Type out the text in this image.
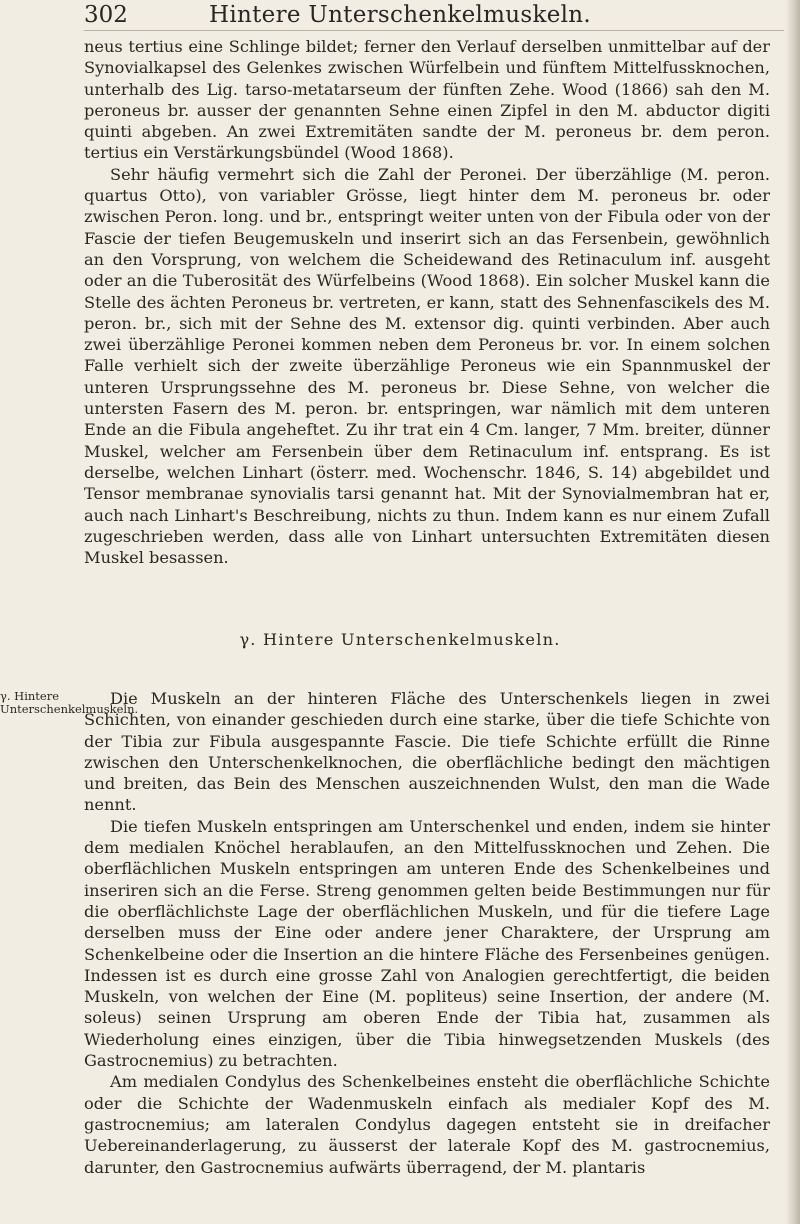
302	Hintere Unterschenkelmuskeln.

neus tertius eine Schlinge bildet; ferner den Verlauf derselben unmittelbar auf der Synovialkapsel des Gelenkes zwischen Würfelbein und fünftem Mittelfussknochen, unterhalb des Lig. tarso-metatarseum der fünften Zehe. Wood (1866) sah den M. peroneus br. ausser der genannten Sehne einen Zipfel in den M. abductor digiti quinti abgeben. An zwei Extremitäten sandte der M. peroneus br. dem peron. tertius ein Verstärkungsbündel (Wood 1868).

Sehr häufig vermehrt sich die Zahl der Peronei. Der überzählige (M. peron. quartus Otto), von variabler Grösse, liegt hinter dem M. peroneus br. oder zwischen Peron. long. und br., entspringt weiter unten von der Fibula oder von der Fascie der tiefen Beugemuskeln und inserirt sich an das Fersenbein, gewöhnlich an den Vorsprung, von welchem die Scheidewand des Retinaculum inf. ausgeht oder an die Tuberosität des Würfelbeins (Wood 1868). Ein solcher Muskel kann die Stelle des ächten Peroneus br. vertreten, er kann, statt des Sehnenfascikels des M. peron. br., sich mit der Sehne des M. extensor dig. quinti verbinden. Aber auch zwei überzählige Peronei kommen neben dem Peroneus br. vor. In einem solchen Falle verhielt sich der zweite überzählige Peroneus wie ein Spannmuskel der unteren Ursprungssehne des M. peroneus br. Diese Sehne, von welcher die untersten Fasern des M. peron. br. entspringen, war nämlich mit dem unteren Ende an die Fibula angeheftet. Zu ihr trat ein 4 Cm. langer, 7 Mm. breiter, dünner Muskel, welcher am Fersenbein über dem Retinaculum inf. entsprang. Es ist derselbe, welchen Linhart (österr. med. Wochenschr. 1846, S. 14) abgebildet und Tensor membranae synovialis tarsi genannt hat. Mit der Synovialmembran hat er, auch nach Linhart's Beschreibung, nichts zu thun. Indem kann es nur einem Zufall zugeschrieben werden, dass alle von Linhart untersuchten Extremitäten diesen Muskel besassen.

γ. Hintere Unterschenkelmuskeln.
γ. Hintere Unterschenkelmuskeln.

Die Muskeln an der hinteren Fläche des Unterschenkels liegen in zwei Schichten, von einander geschieden durch eine starke, über die tiefe Schichte von der Tibia zur Fibula ausgespannte Fascie. Die tiefe Schichte erfüllt die Rinne zwischen den Unterschenkelknochen, die oberflächliche bedingt den mächtigen und breiten, das Bein des Menschen auszeichnenden Wulst, den man die Wade nennt.

Die tiefen Muskeln entspringen am Unterschenkel und enden, indem sie hinter dem medialen Knöchel herablaufen, an den Mittelfussknochen und Zehen. Die oberflächlichen Muskeln entspringen am unteren Ende des Schenkelbeines und inseriren sich an die Ferse. Streng genommen gelten beide Bestimmungen nur für die oberflächlichste Lage der oberflächlichen Muskeln, und für die tiefere Lage derselben muss der Eine oder andere jener Charaktere, der Ursprung am Schenkelbeine oder die Insertion an die hintere Fläche des Fersenbeines genügen. Indessen ist es durch eine grosse Zahl von Analogien gerechtfertigt, die beiden Muskeln, von welchen der Eine (M. popliteus) seine Insertion, der andere (M. soleus) seinen Ursprung am oberen Ende der Tibia hat, zusammen als Wiederholung eines einzigen, über die Tibia hinwegsetzenden Muskels (des Gastrocnemius) zu betrachten.

Am medialen Condylus des Schenkelbeines ensteht die oberflächliche Schichte oder die Schichte der Wadenmuskeln einfach als medialer Kopf des M. gastrocnemius; am lateralen Condylus dagegen entsteht sie in dreifacher Ueberеinanderlagerung, zu äusserst der laterale Kopf des M. gastrocnemius, darunter, den Gastrocnemius aufwärts überragend, der M. plantaris
